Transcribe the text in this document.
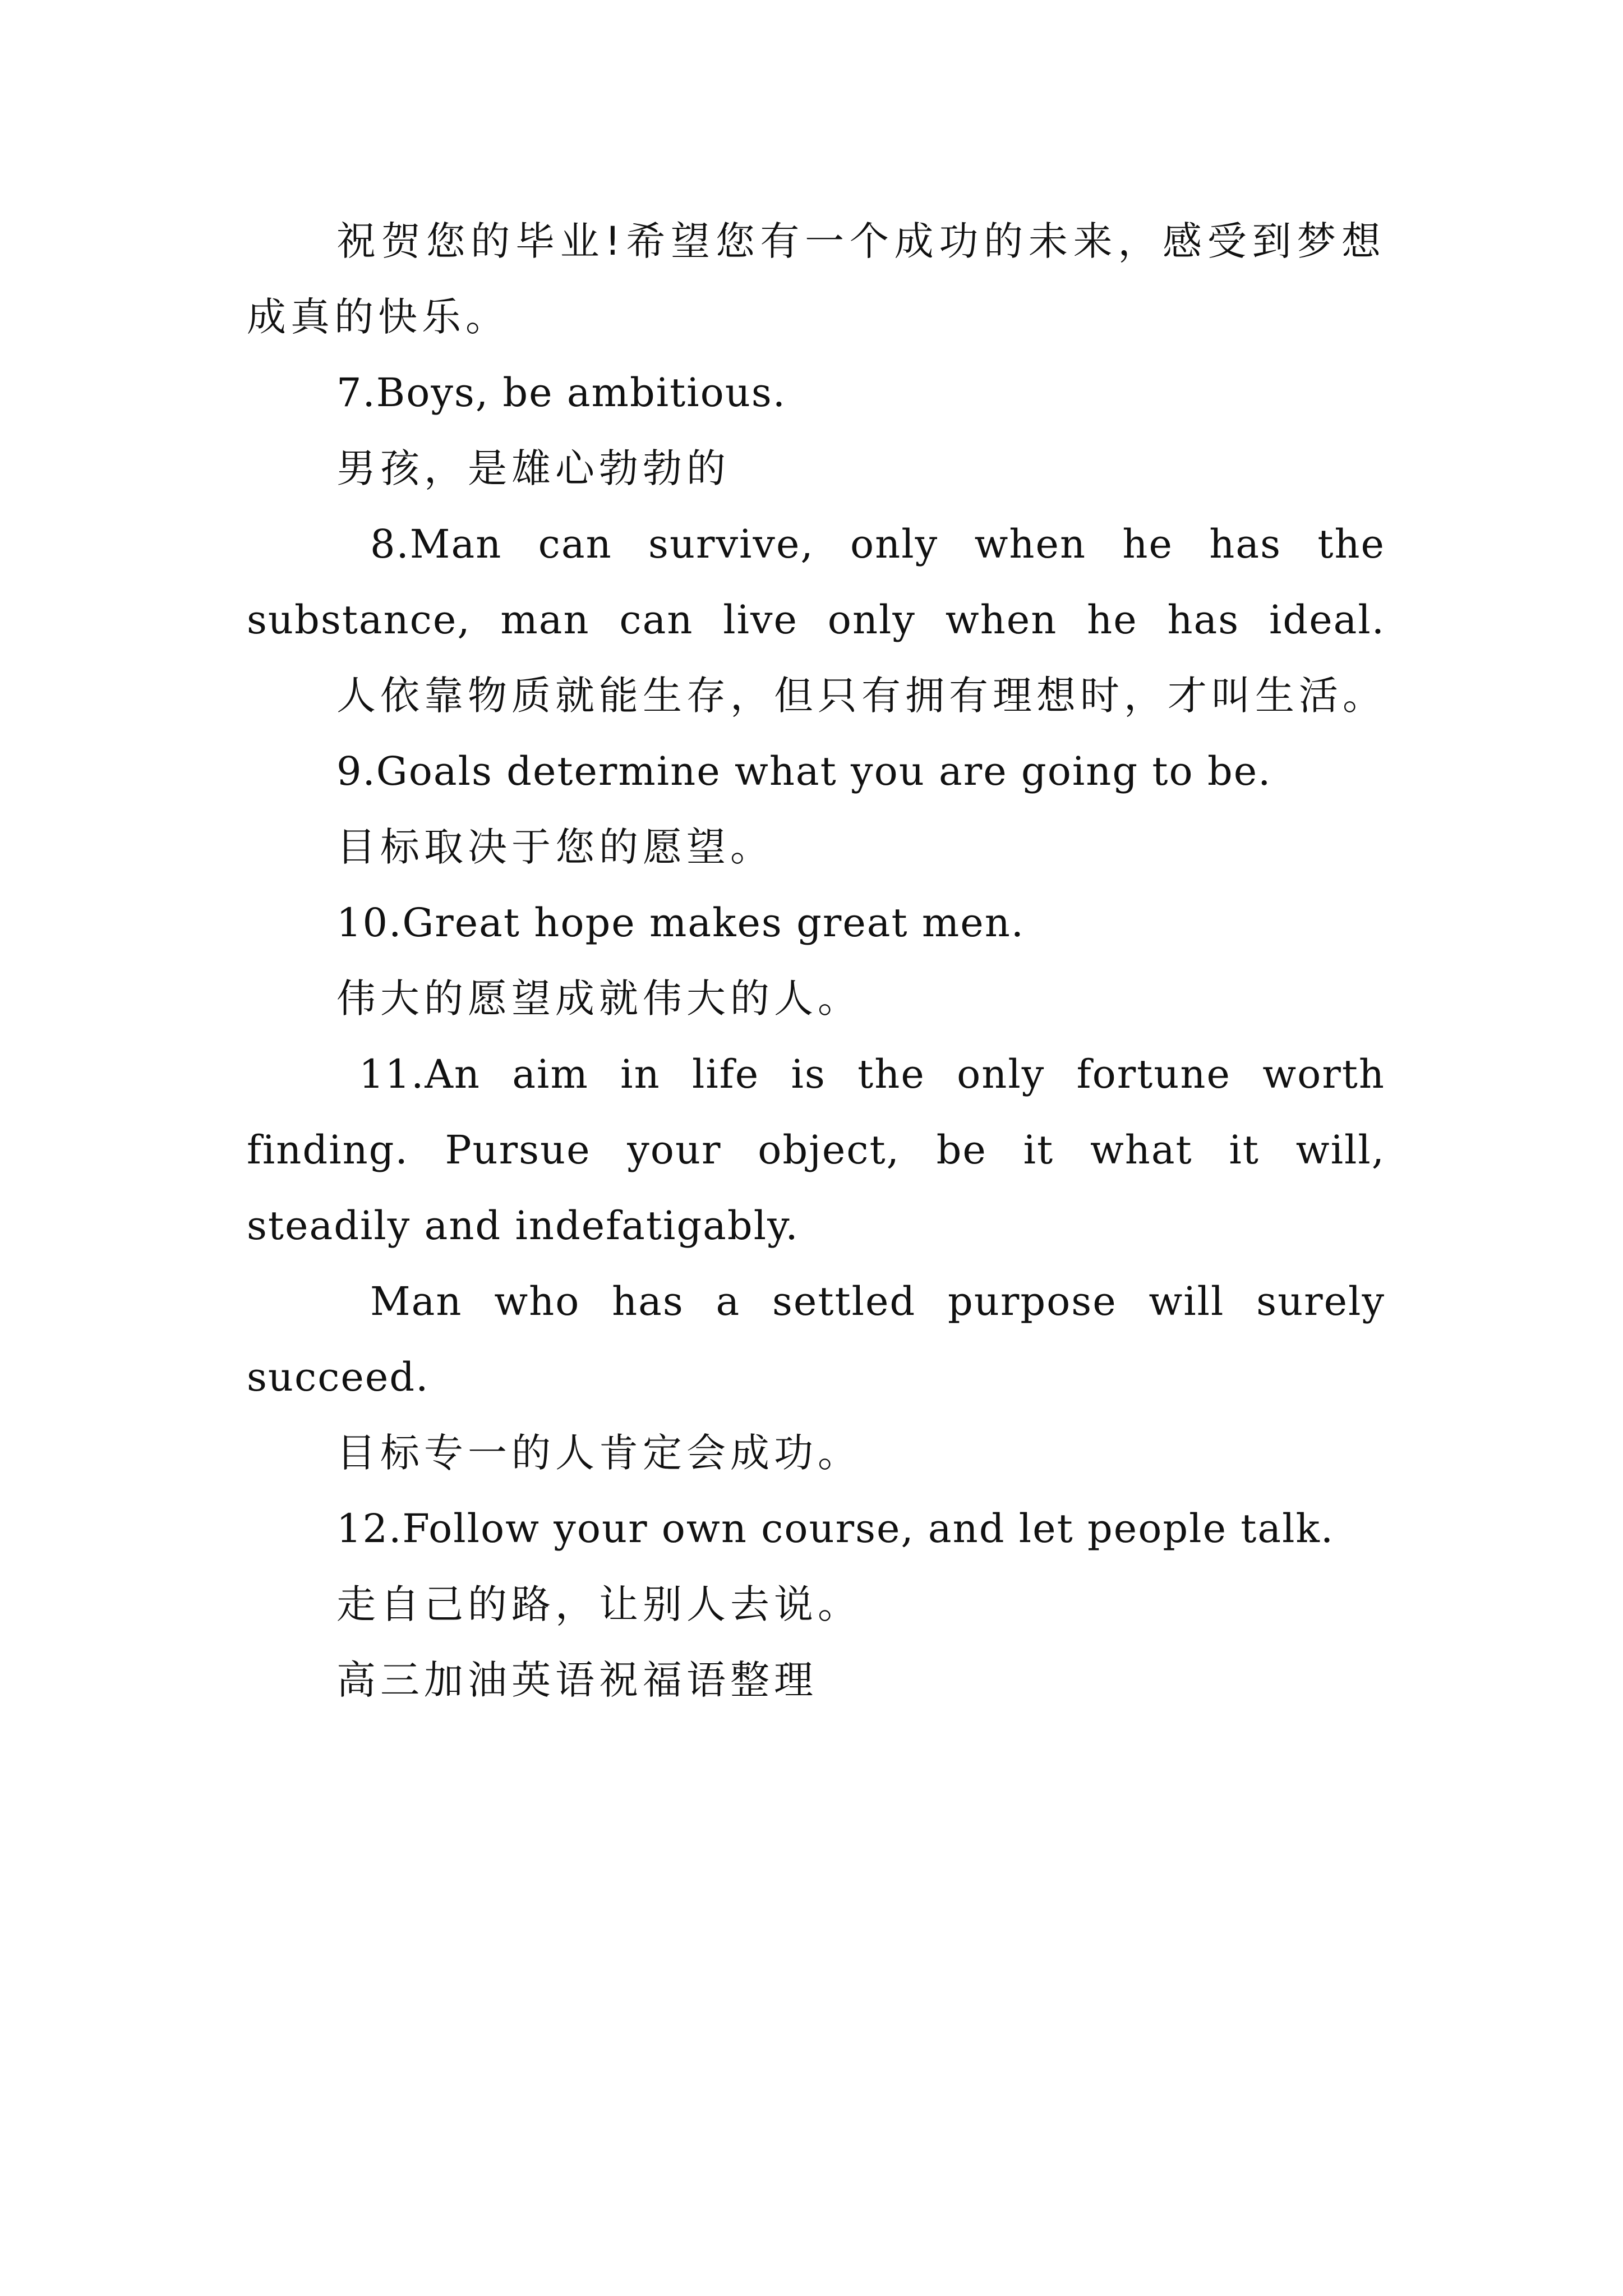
祝贺您的毕业!希望您有一个成功的未来，感受到梦想
成真的快乐。
7.Boys, be ambitious.
男孩，是雄心勃勃的
8.Man can survive, only when he has the
substance, man can live only when he has ideal.
人依靠物质就能生存，但只有拥有理想时，才叫生活。
9.Goals determine what you are going to be.
目标取决于您的愿望。
10.Great hope makes great men.
伟大的愿望成就伟大的人。
11.An aim in life is the only fortune worth
finding. Pursue your object, be it what it will,
steadily and indefatigably.
Man who has a settled purpose will surely
succeed.
目标专一的人肯定会成功。
12.Follow your own course, and let people talk.
走自己的路，让别人去说。
高三加油英语祝福语整理
